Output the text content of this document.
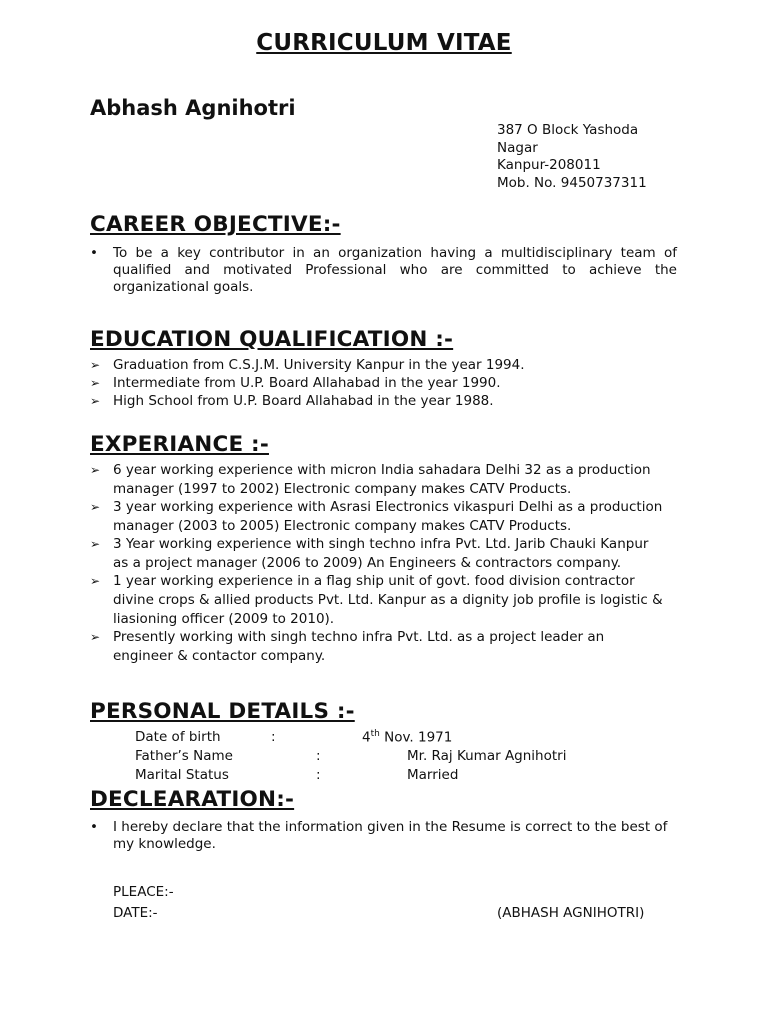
CURRICULUM VITAE
Abhash Agnihotri
387 O Block Yashoda
Nagar
Kanpur-208011
Mob. No. 9450737311
CAREER OBJECTIVE:-
• To be a key contributor in an organization having a multidisciplinary team of qualified and motivated Professional who are committed to achieve the organizational goals.
EDUCATION QUALIFICATION :-
➢ Graduation from C.S.J.M. University Kanpur in the year 1994.
➢ Intermediate from U.P. Board Allahabad in the year 1990.
➢ High School from U.P. Board Allahabad in the year 1988.
EXPERIANCE :-
➢ 6 year working experience with micron India sahadara Delhi 32 as a production
manager (1997 to 2002) Electronic company makes CATV Products.
➢ 3 year working experience with Asrasi Electronics vikaspuri Delhi as a production
manager (2003 to 2005) Electronic company makes CATV Products.
➢ 3 Year working experience with singh techno infra Pvt. Ltd. Jarib Chauki Kanpur
as a project manager (2006 to 2009) An Engineers & contractors company.
➢ 1 year working experience in a flag ship unit of govt. food division contractor
divine crops & allied products Pvt. Ltd. Kanpur as a dignity job profile is logistic &
liasioning officer (2009 to 2010).
➢ Presently working with singh techno infra Pvt. Ltd. as a project leader an
engineer & contactor company.
PERSONAL DETAILS :-
Date of birth	:	4th Nov. 1971
Father’s Name	:	Mr. Raj Kumar Agnihotri
Marital Status	:	Married
DECLEARATION:-
• I hereby declare that the information given in the Resume is correct to the best of my knowledge.
PLEACE:-
DATE:-	(ABHASH AGNIHOTRI)
